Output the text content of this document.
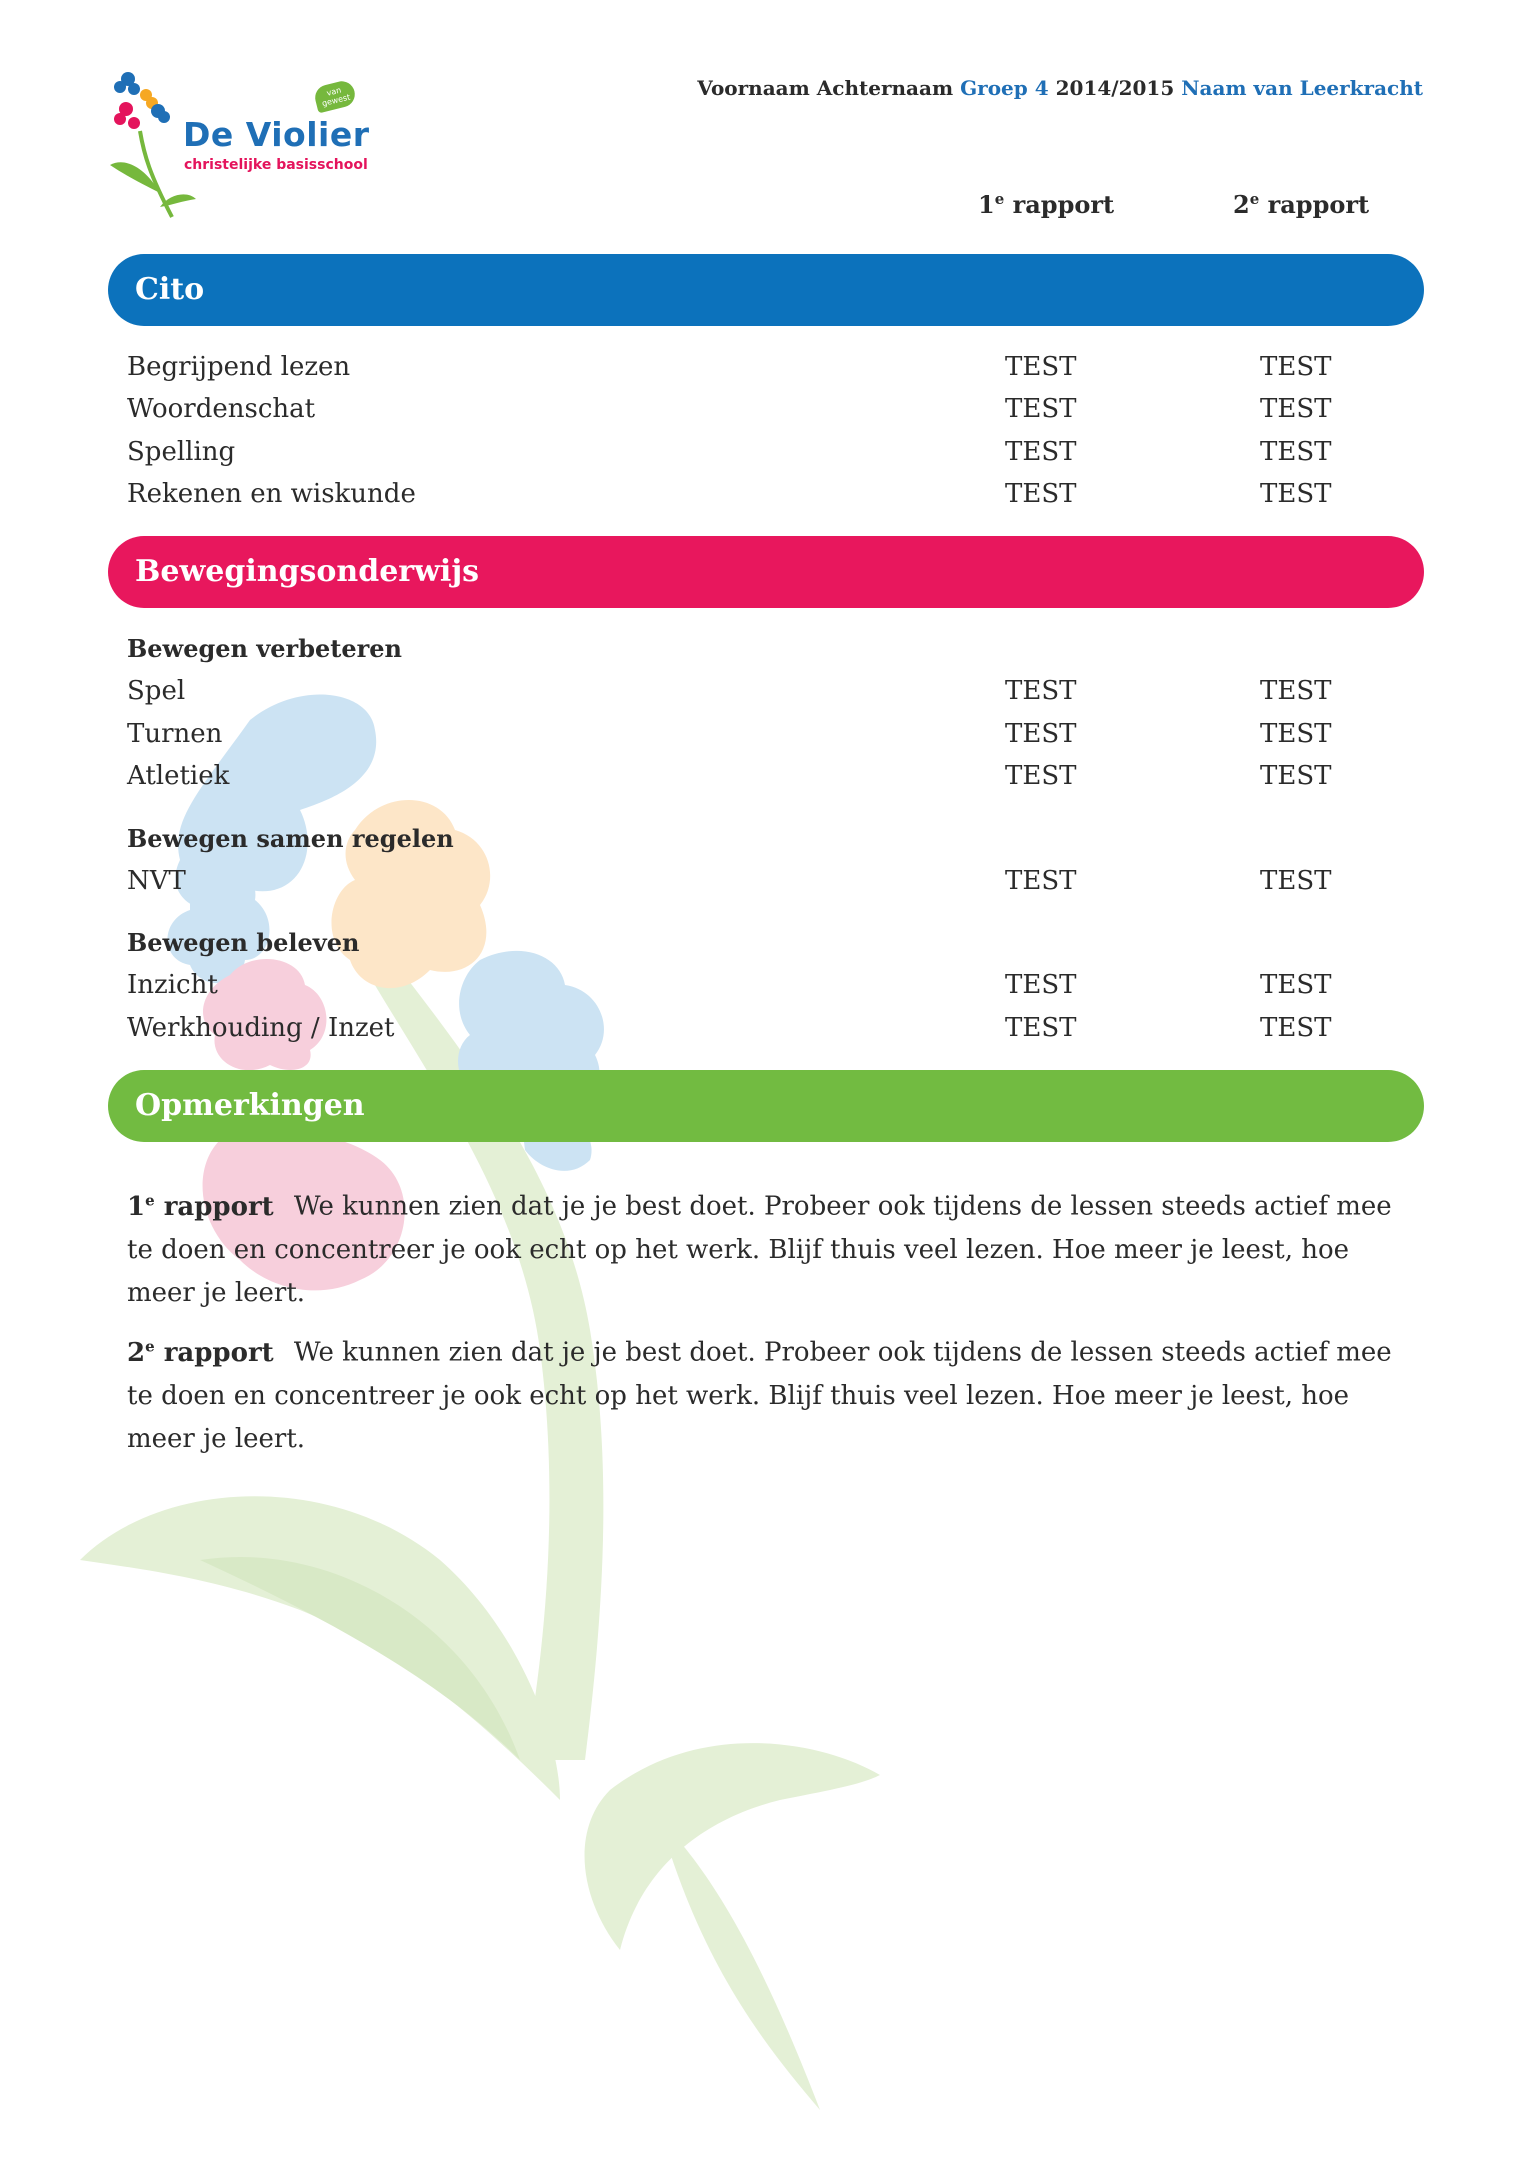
De Violier
christelijke basisschool
van gewest
Voornaam Achternaam Groep 4 2014/2015 Naam van Leerkracht
1e rapport	2e rapport
Cito
Begrijpend lezen	TEST	TEST
Woordenschat	TEST	TEST
Spelling	TEST	TEST
Rekenen en wiskunde	TEST	TEST
Bewegingsonderwijs
Bewegen verbeteren
Spel	TEST	TEST
Turnen	TEST	TEST
Atletiek	TEST	TEST
Bewegen samen regelen
NVT	TEST	TEST
Bewegen beleven
Inzicht	TEST	TEST
Werkhouding / Inzet	TEST	TEST
Opmerkingen
1e rapport We kunnen zien dat je je best doet. Probeer ook tijdens de lessen steeds actief mee te doen en concentreer je ook echt op het werk. Blijf thuis veel lezen. Hoe meer je leest, hoe meer je leert.
2e rapport We kunnen zien dat je je best doet. Probeer ook tijdens de lessen steeds actief mee te doen en concentreer je ook echt op het werk. Blijf thuis veel lezen. Hoe meer je leest, hoe meer je leert.
